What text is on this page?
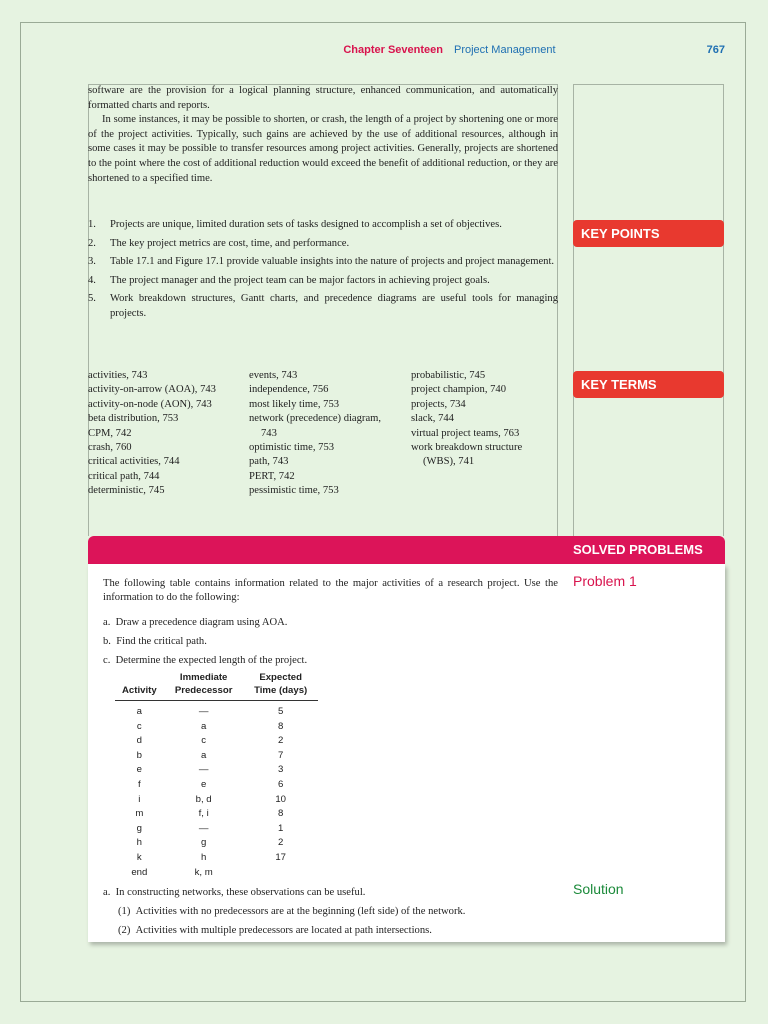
Chapter Seventeen Project Management	767

software are the provision for a logical planning structure, enhanced communication, and automatically formatted charts and reports.

In some instances, it may be possible to shorten, or crash, the length of a project by shortening one or more of the project activities. Typically, such gains are achieved by the use of additional resources, although in some cases it may be possible to transfer resources among project activities. Generally, projects are shortened to the point where the cost of additional reduction would exceed the benefit of additional reduction, or they are shortened to a specified time.

KEY POINTS
1. Projects are unique, limited duration sets of tasks designed to accomplish a set of objectives.
2. The key project metrics are cost, time, and performance.
3. Table 17.1 and Figure 17.1 provide valuable insights into the nature of projects and project management.
4. The project manager and the project team can be major factors in achieving project goals.
5. Work breakdown structures, Gantt charts, and precedence diagrams are useful tools for managing projects.
KEY TERMS
activities, 743
activity-on-arrow (AOA), 743
activity-on-node (AON), 743
beta distribution, 753
CPM, 742
crash, 760
critical activities, 744
critical path, 744
deterministic, 745
events, 743
independence, 756
most likely time, 753
network (precedence) diagram,
743
optimistic time, 753
path, 743
PERT, 742
pessimistic time, 753
probabilistic, 745
project champion, 740
projects, 734
slack, 744
virtual project teams, 763
work breakdown structure
(WBS), 741
SOLVED PROBLEMS
Problem 1
Solution

The following table contains information related to the major activities of a research project. Use the information to do the following:

a. Draw a precedence diagram using AOA.
b. Find the critical path.
c. Determine the expected length of the project.
Activity	Immediate Predecessor	Expected Time (days)
a	—	5
c	a	8
d	c	2
b	a	7
e	—	3
f	e	6
i	b, d	10
m	f, i	8
g	—	1
h	g	2
k	h	17
end	k, m	
a. In constructing networks, these observations can be useful.
(1) Activities with no predecessors are at the beginning (left side) of the network.
(2) Activities with multiple predecessors are located at path intersections.
